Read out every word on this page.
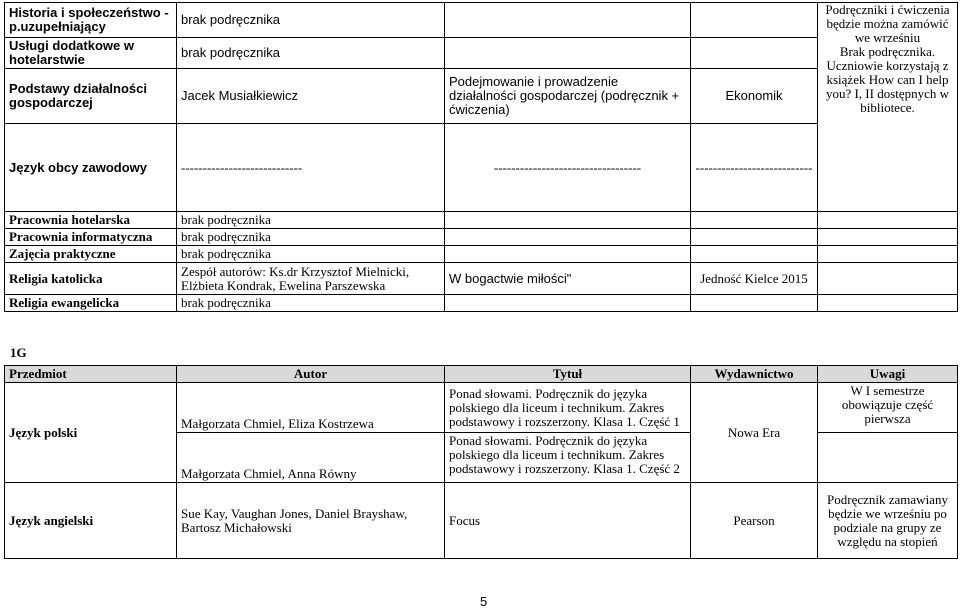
Historia i społeczeństwo - p.uzupełniający	brak podręcznika			Podręczniki i ćwiczenia będzie można zamówić we wrześniu
Brak podręcznika. Uczniowie korzystają z książek How can I help you? I, II dostępnych w bibliotece.

Usługi dodatkowe w hotelarstwie	brak podręcznika			
Podstawy działalności gospodarczej	Jacek Musiałkiewicz	Podejmowanie i prowadzenie działalności gospodarczej (podręcznik + ćwiczenia)	Ekonomik	
Język obcy zawodowy	----------------------------	----------------------------------	---------------------------	
Pracownia hotelarska	brak podręcznika			
Pracownia informatyczna	brak podręcznika			
Zajęcia praktyczne	brak podręcznika			
Religia katolicka	Zespół autorów: Ks.dr Krzysztof Mielnicki, Elżbieta Kondrak, Ewelina Parszewska	W bogactwie miłości"	Jedność Kielce 2015	
Religia ewangelicka	brak podręcznika			
1G
Przedmiot	Autor	Tytuł	Wydawnictwo	Uwagi
Język polski	Małgorzata Chmiel, Eliza Kostrzewa	Ponad słowami. Podręcznik do języka polskiego dla liceum i technikum. Zakres podstawowy i rozszerzony. Klasa 1. Część 1	Nowa Era	W I semestrze obowiązuje część pierwsza
	Małgorzata Chmiel, Anna Równy	Ponad słowami. Podręcznik do języka polskiego dla liceum i technikum. Zakres podstawowy i rozszerzony. Klasa 1. Część 2		
Język angielski	Sue Kay, Vaughan Jones, Daniel Brayshaw, Bartosz Michałowski	Focus	Pearson	Podręcznik zamawiany będzie we wrześniu po podziale na grupy ze względu na stopień
5
